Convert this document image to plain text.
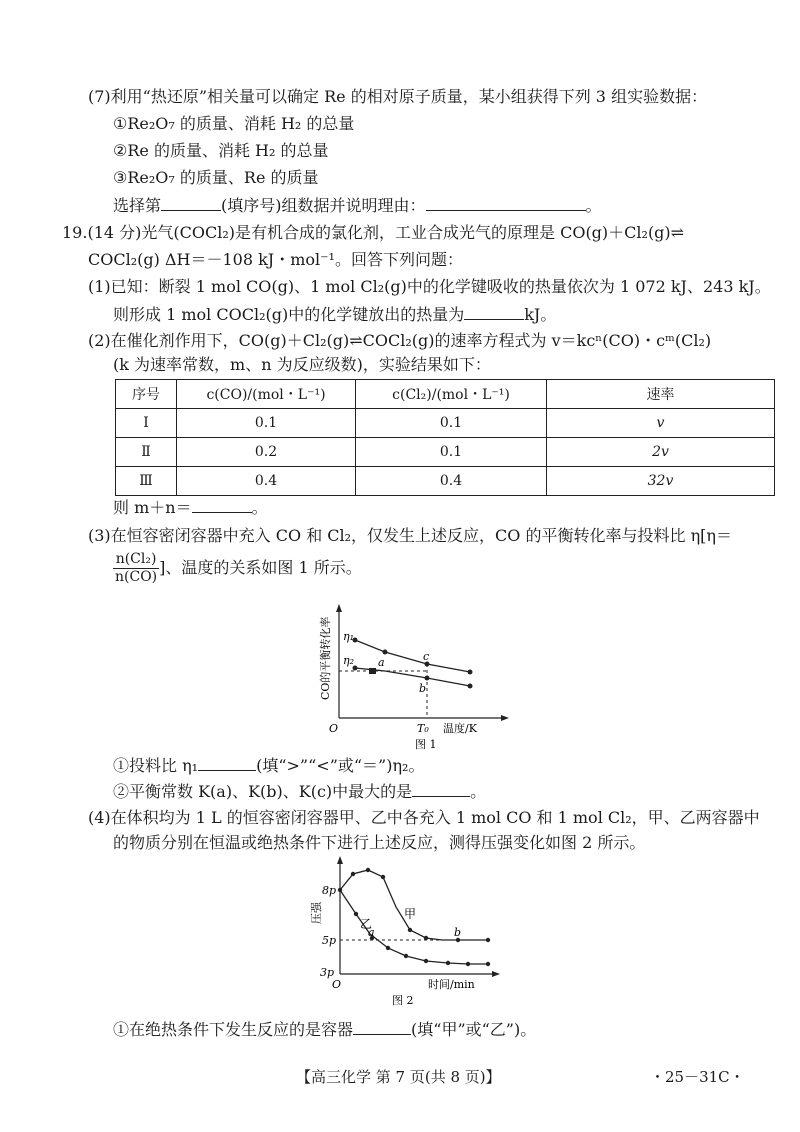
(7)利用“热还原”相关量可以确定 Re 的相对原子质量，某小组获得下列 3 组实验数据：
①Re₂O₇ 的质量、消耗 H₂ 的总量
②Re 的质量、消耗 H₂ 的总量
③Re₂O₇ 的质量、Re 的质量
选择第	(填序号)组数据并说明理由：	。
19.(14 分)光气(COCl₂)是有机合成的氯化剂，工业合成光气的原理是 CO(g)＋Cl₂(g)⇌
COCl₂(g) ΔH＝－108 kJ・mol⁻¹。回答下列问题：
(1)已知：断裂 1 mol CO(g)、1 mol Cl₂(g)中的化学键吸收的热量依次为 1 072 kJ、243 kJ。
则形成 1 mol COCl₂(g)中的化学键放出的热量为	kJ。
(2)在催化剂作用下，CO(g)＋Cl₂(g)⇌COCl₂(g)的速率方程式为 v＝kcⁿ(CO)・cᵐ(Cl₂)
(k 为速率常数，m、n 为反应级数)，实验结果如下：
序号	c(CO)/(mol・L⁻¹)	c(Cl₂)/(mol・L⁻¹)	速率
Ⅰ	0.1	0.1	v
Ⅱ	0.2	0.1	2v
Ⅲ	0.4	0.4	32v
则 m＋n＝	。
(3)在恒容密闭容器中充入 CO 和 Cl₂，仅发生上述反应，CO 的平衡转化率与投料比 η[η＝
$\frac{\text{n(Cl₂)}}{n(CO)}$ ]、温度的关系如图 1 所示。
CO的平衡转化率 η₁
η₂ a	c
b
O	T₀ 温度/K
图 1
①投料比 η₁	(填“>”“<”或“＝”)η₂。
②平衡常数 K(a)、K(b)、K(c)中最大的是	。
(4)在体积均为 1 L 的恒容密闭容器甲、乙中各充入 1 mol CO 和 1 mol Cl₂，甲、乙两容器中
的物质分别在恒温或绝热条件下进行上述反应，测得压强变化如图 2 所示。
压强
8p
5p
3p
O
乙
甲
a	b
时间/min
图 2
①在绝热条件下发生反应的是容器	(填“甲”或“乙”)。
【高三化学 第 7 页(共 8 页)】	・25－31C・
